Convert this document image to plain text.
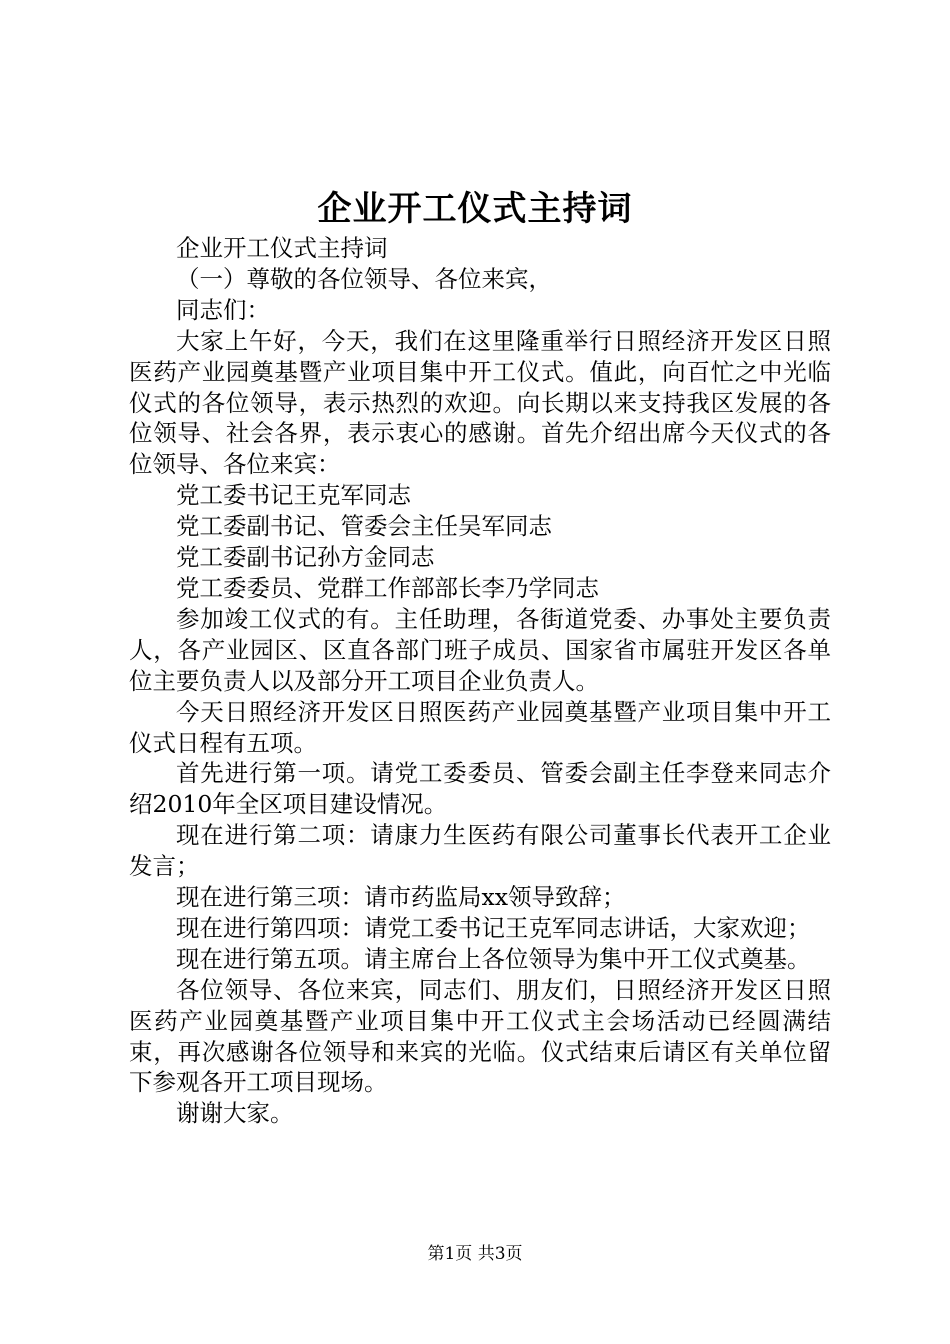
企业开工仪式主持词

企业开工仪式主持词

（一）尊敬的各位领导、各位来宾，

同志们：

大家上午好，今天，我们在这里隆重举行日照经济开发区日照医药产业园奠基暨产业项目集中开工仪式。值此，向百忙之中光临仪式的各位领导，表示热烈的欢迎。向长期以来支持我区发展的各位领导、社会各界，表示衷心的感谢。首先介绍出席今天仪式的各位领导、各位来宾：

党工委书记王克军同志

党工委副书记、管委会主任吴军同志

党工委副书记孙方金同志

党工委委员、党群工作部部长李乃学同志

参加竣工仪式的有。主任助理，各街道党委、办事处主要负责人，各产业园区、区直各部门班子成员、国家省市属驻开发区各单位主要负责人以及部分开工项目企业负责人。

今天日照经济开发区日照医药产业园奠基暨产业项目集中开工仪式日程有五项。

首先进行第一项。请党工委委员、管委会副主任李登来同志介绍2010年全区项目建设情况。

现在进行第二项：请康力生医药有限公司董事长代表开工企业发言；

现在进行第三项：请市药监局xx领导致辞；

现在进行第四项：请党工委书记王克军同志讲话，大家欢迎；

现在进行第五项。请主席台上各位领导为集中开工仪式奠基。

各位领导、各位来宾，同志们、朋友们，日照经济开发区日照医药产业园奠基暨产业项目集中开工仪式主会场活动已经圆满结束，再次感谢各位领导和来宾的光临。仪式结束后请区有关单位留下参观各开工项目现场。

谢谢大家。

第1页 共3页
